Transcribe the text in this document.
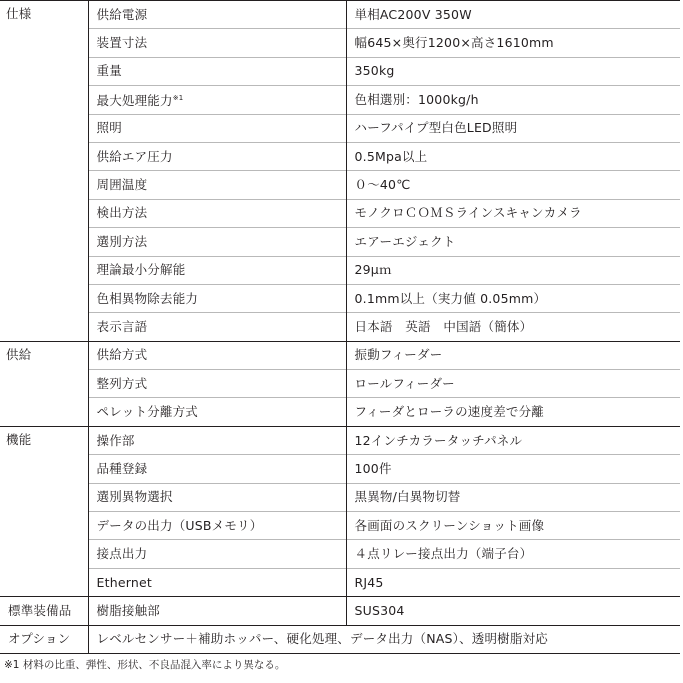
仕様	供給電源	単相AC200V 350W
	装置寸法	幅645×奥行1200×高さ1610mm
	重量	350kg
	最大処理能力$^{※1}$	色相選別：1000kg/h
	照明	ハーフパイプ型白色LED照明
	供給エア圧力	0.5Mpa以上
	周囲温度	０〜40℃
	検出方法	モノクロＣＯＭＳラインスキャンカメラ
	選別方法	エアーエジェクト
	理論最小分解能	29μｍ
	色相異物除去能力	0.1mm以上（実力値 0.05mm）
	表示言語	日本語　英語　中国語（簡体）
供給	供給方式	振動フィーダー
	整列方式	ロールフィーダー
	ペレット分離方式	フィーダとローラの速度差で分離
機能	操作部	12インチカラータッチパネル
	品種登録	100件
	選別異物選択	黒異物/白異物切替
	データの出力（USBメモリ）	各画面のスクリーンショット画像
	接点出力	４点リレー接点出力（端子台）
	Ethernet	RJ45
標準装備品	樹脂接触部	SUS304
オプション	レベルセンサー＋補助ホッパー、硬化処理、データ出力（NAS）、透明樹脂対応	
※1 材料の比重、弾性、形状、不良品混入率により異なる。
